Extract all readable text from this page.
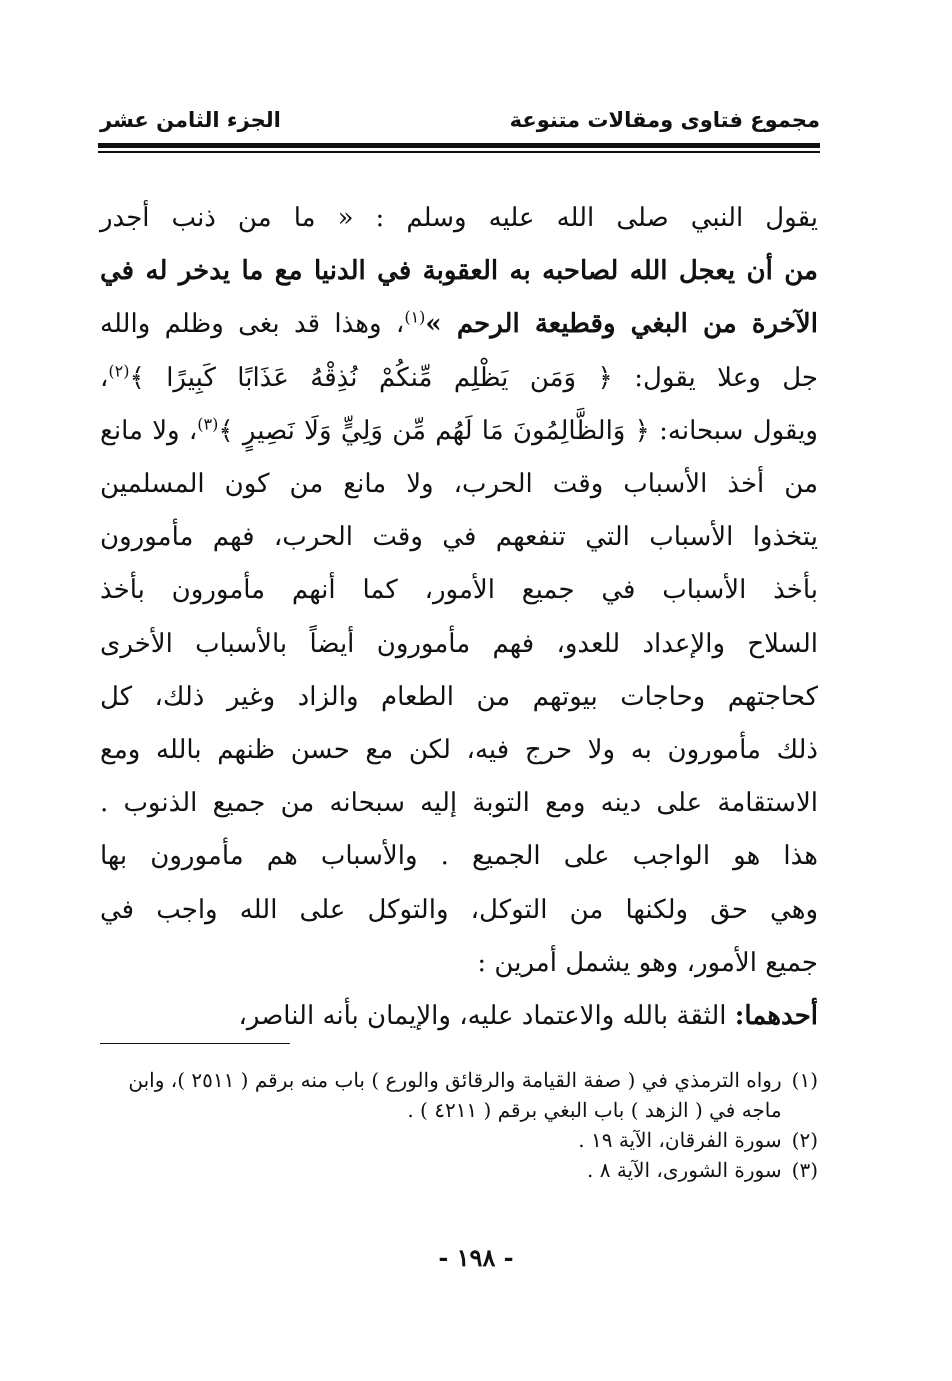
مجموع فتاوى ومقالات متنوعة
الجزء الثامن عشر
يقول النبي صلى الله عليه وسلم : « ما من ذنب أجدر
من أن يعجل الله لصاحبه به العقوبة في الدنيا مع ما يدخر له في
الآخرة من البغي وقطيعة الرحم »$^{(١)}$، وهذا قد بغى وظلم والله
جل وعلا يقول: ﴿ وَمَن يَظْلِم مِّنكُمْ نُذِقْهُ عَذَابًا كَبِيرًا ﴾$^{(٢)}$،
ويقول سبحانه: ﴿ وَالظَّالِمُونَ مَا لَهُم مِّن وَلِيٍّ وَلَا نَصِيرٍ ﴾$^{(٣)}$، ولا مانع
من أخذ الأسباب وقت الحرب، ولا مانع من كون المسلمين
يتخذوا الأسباب التي تنفعهم في وقت الحرب، فهم مأمورون
بأخذ الأسباب في جميع الأمور، كما أنهم مأمورون بأخذ
السلاح والإعداد للعدو، فهم مأمورون أيضاً بالأسباب الأخرى
كحاجتهم وحاجات بيوتهم من الطعام والزاد وغير ذلك، كل
ذلك مأمورون به ولا حرج فيه، لكن مع حسن ظنهم بالله ومع
الاستقامة على دينه ومع التوبة إليه سبحانه من جميع الذنوب .
هذا هو الواجب على الجميع . والأسباب هم مأمورون بها
وهي حق ولكنها من التوكل، والتوكل على الله واجب في
جميع الأمور، وهو يشمل أمرين :
أحدهما: الثقة بالله والاعتماد عليه، والإيمان بأنه الناصر،
(١)
رواه الترمذي في ( صفة القيامة والرقائق والورع ) باب منه برقم ( ٢٥١١ )، وابن ماجه في ( الزهد ) باب البغي برقم ( ٤٢١١ ) .
(٢)
سورة الفرقان، الآية ١٩ .
(٣)
سورة الشورى، الآية ٨ .
- ١٩٨ -
